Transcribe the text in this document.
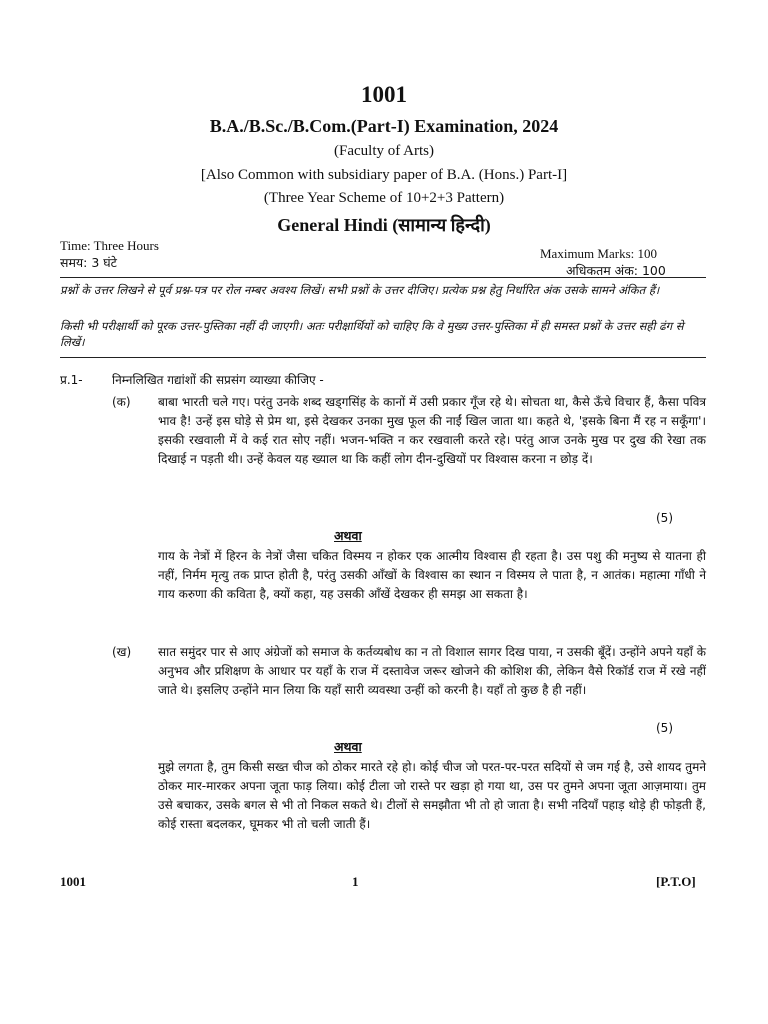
1001
B.A./B.Sc./B.Com.(Part-I) Examination, 2024
(Faculty of Arts)
[Also Common with subsidiary paper of B.A. (Hons.) Part-I]
(Three Year Scheme of 10+2+3 Pattern)
General Hindi (सामान्य हिन्दी)
Time: Three Hours
समय: 3 घंटे
Maximum Marks: 100
अधिकतम अंक: 100
प्रश्नों के उत्तर लिखने से पूर्व प्रश्न-पत्र पर रोल नम्बर अवश्य लिखें। सभी प्रश्नों के उत्तर दीजिए। प्रत्येक प्रश्न हेतु निर्धारित अंक उसके सामने अंकित हैं।
किसी भी परीक्षार्थी को पूरक उत्तर-पुस्तिका नहीं दी जाएगी। अतः परीक्षार्थियों को चाहिए कि वे मुख्य उत्तर-पुस्तिका में ही समस्त प्रश्नों के उत्तर सही ढंग से लिखें।
प्र.1- निम्नलिखित गद्यांशों की सप्रसंग व्याख्या कीजिए -
(क) बाबा भारती चले गए। परंतु उनके शब्द खड्गसिंह के कानों में उसी प्रकार गूँज रहे थे। सोचता था, कैसे ऊँचे विचार हैं, कैसा पवित्र भाव है! उन्हें इस घोड़े से प्रेम था, इसे देखकर उनका मुख फूल की नाईं खिल जाता था। कहते थे, 'इसके बिना मैं रह न सकूँगा'। इसकी रखवाली में वे कई रात सोए नहीं। भजन-भक्ति न कर रखवाली करते रहे। परंतु आज उनके मुख पर दुख की रेखा तक दिखाई न पड़ती थी। उन्हें केवल यह ख्याल था कि कहीं लोग दीन-दुखियों पर विश्वास करना न छोड़ दें।
(5)
अथवा
गाय के नेत्रों में हिरन के नेत्रों जैसा चकित विस्मय न होकर एक आत्मीय विश्वास ही रहता है। उस पशु की मनुष्य से यातना ही नहीं, निर्मम मृत्यु तक प्राप्त होती है, परंतु उसकी आँखों के विश्वास का स्थान न विस्मय ले पाता है, न आतंक। महात्मा गाँधी ने गाय करुणा की कविता है, क्यों कहा, यह उसकी आँखें देखकर ही समझ आ सकता है।
(ख) सात समुंदर पार से आए अंग्रेजों को समाज के कर्तव्यबोध का न तो विशाल सागर दिख पाया, न उसकी बूँदें। उन्होंने अपने यहाँ के अनुभव और प्रशिक्षण के आधार पर यहाँ के राज में दस्तावेज जरूर खोजने की कोशिश की, लेकिन वैसे रिकॉर्ड राज में रखे नहीं जाते थे। इसलिए उन्होंने मान लिया कि यहाँ सारी व्यवस्था उन्हीं को करनी है। यहाँ तो कुछ है ही नहीं।
(5)
अथवा
मुझे लगता है, तुम किसी सख्त चीज को ठोकर मारते रहे हो। कोई चीज जो परत-पर-परत सदियों से जम गई है, उसे शायद तुमने ठोकर मार-मारकर अपना जूता फाड़ लिया। कोई टीला जो रास्ते पर खड़ा हो गया था, उस पर तुमने अपना जूता आज़माया। तुम उसे बचाकर, उसके बगल से भी तो निकल सकते थे। टीलों से समझौता भी तो हो जाता है। सभी नदियाँ पहाड़ थोड़े ही फोड़ती हैं, कोई रास्ता बदलकर, घूमकर भी तो चली जाती हैं।
1001	1	[P.T.O]
